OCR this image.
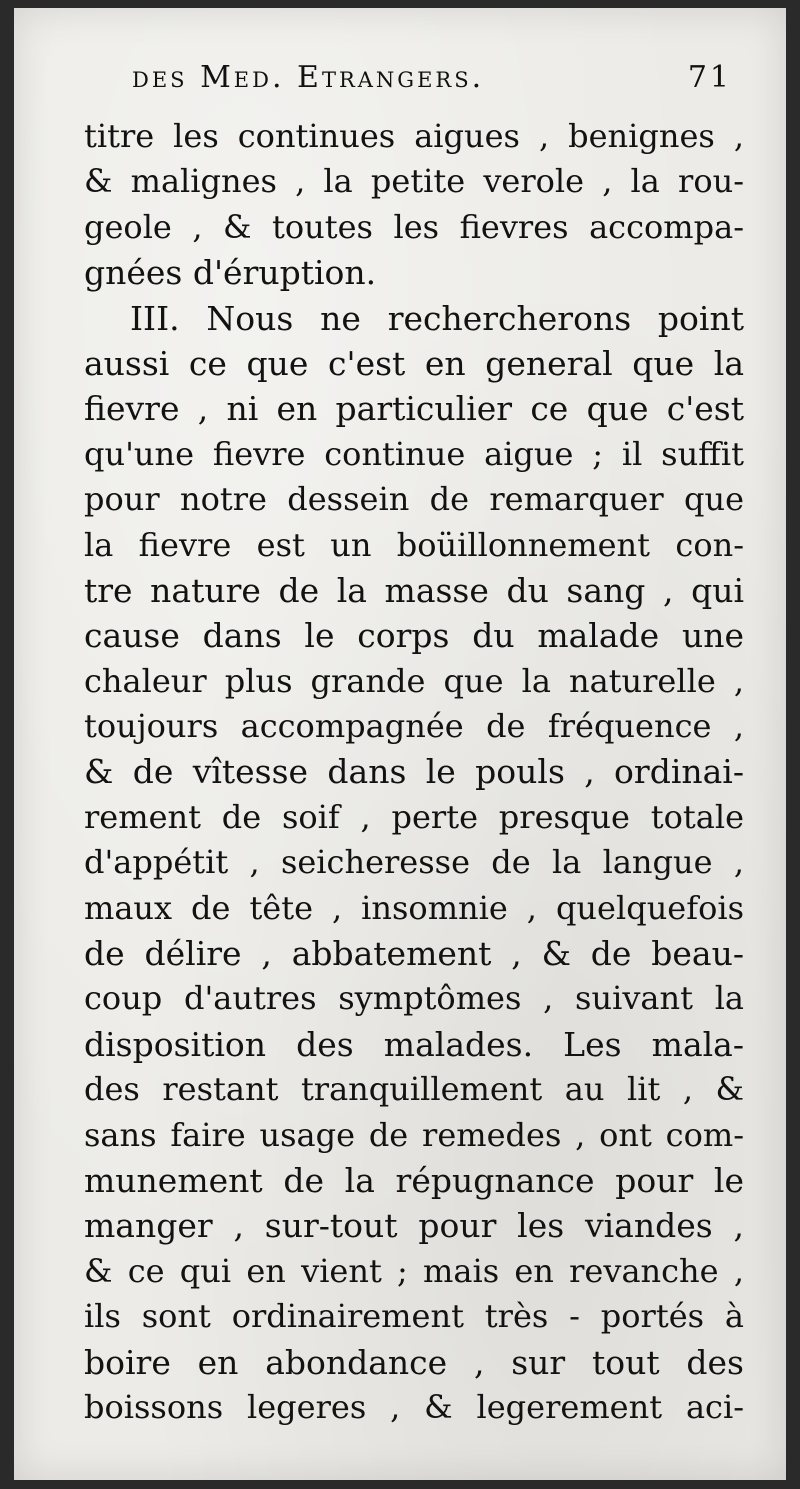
des Med. Etrangers.	71
titre les continues aigues , benignes ,
& malignes , la petite verole , la rou-
geole , & toutes les fievres accompa-
gnées d'éruption.
III. Nous ne rechercherons point
aussi ce que c'est en general que la
fievre , ni en particulier ce que c'est
qu'une fievre continue aigue ; il suffit
pour notre dessein de remarquer que
la fievre est un boüillonnement con-
tre nature de la masse du sang , qui
cause dans le corps du malade une
chaleur plus grande que la naturelle ,
toujours accompagnée de fréquence ,
& de vîtesse dans le pouls , ordinai-
rement de soif , perte presque totale
d'appétit , seicheresse de la langue ,
maux de tête , insomnie , quelquefois
de délire , abbatement , & de beau-
coup d'autres symptômes , suivant la
disposition des malades. Les mala-
des restant tranquillement au lit , &
sans faire usage de remedes , ont com-
munement de la répugnance pour le
manger , sur-tout pour les viandes ,
& ce qui en vient ; mais en revanche ,
ils sont ordinairement très - portés à
boire en abondance , sur tout des
boissons legeres , & legerement aci-
